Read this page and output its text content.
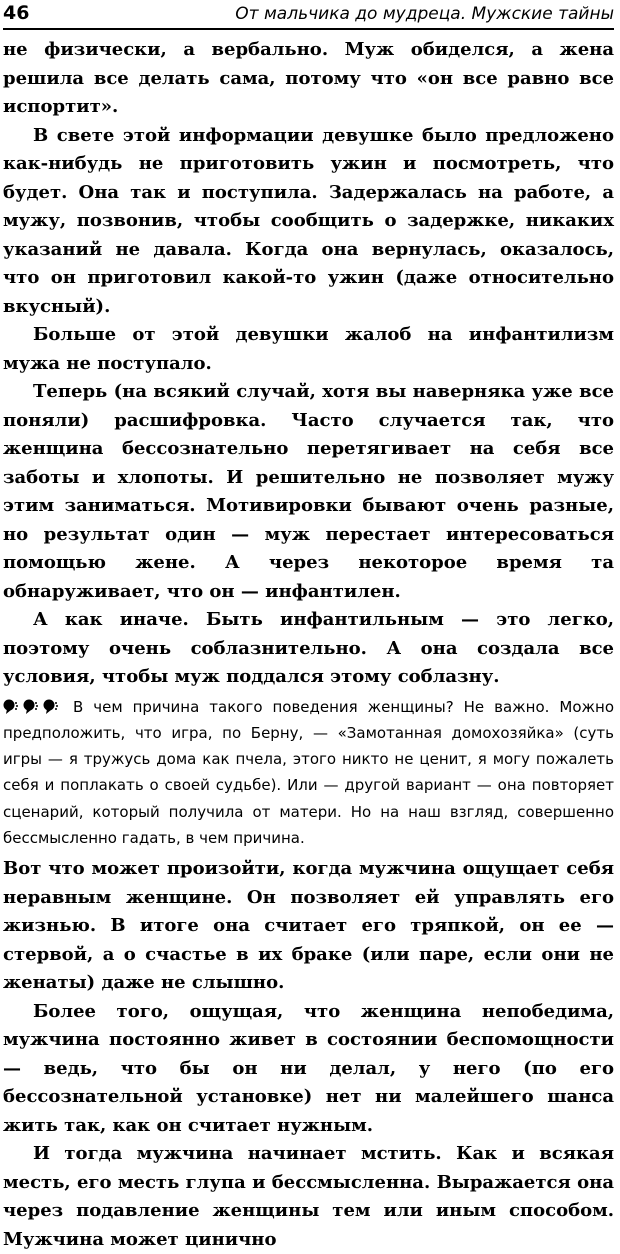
46	От мальчика до мудреца. Мужские тайны

не физически, а вербально. Муж обиделся, а жена решила все делать сама, потому что «он все равно все испортит».

В свете этой информации девушке было предложено как-нибудь не приготовить ужин и посмотреть, что будет. Она так и поступила. Задержалась на работе, а мужу, позвонив, чтобы сообщить о задержке, никаких указаний не давала. Когда она вернулась, оказалось, что он приготовил какой-то ужин (даже относительно вкусный).

Больше от этой девушки жалоб на инфантилизм мужа не поступало.

Теперь (на всякий случай, хотя вы наверняка уже все поняли) расшифровка. Часто случается так, что женщина бессознательно перетягивает на себя все заботы и хлопоты. И решительно не позволяет мужу этим заниматься. Мотивировки бывают очень разные, но результат один — муж перестает интересоваться помощью жене. А через некоторое время та обнаруживает, что он — инфантилен.

А как иначе. Быть инфантильным — это легко, поэтому очень соблазнительно. А она создала все условия, чтобы муж поддался этому соблазну.

В чем причина такого поведения женщины? Не важно. Можно предположить, что игра, по Берну, — «Замотанная домохозяйка» (суть игры — я тружусь дома как пчела, этого никто не ценит, я могу пожалеть себя и поплакать о своей судьбе). Или — другой вариант — она повторяет сценарий, который получила от матери. Но на наш взгляд, совершенно бессмысленно гадать, в чем причина.

Вот что может произойти, когда мужчина ощущает себя неравным женщине. Он позволяет ей управлять его жизнью. В итоге она считает его тряпкой, он ее — стервой, а о счастье в их браке (или паре, если они не женаты) даже не слышно.

Более того, ощущая, что женщина непобедима, мужчина постоянно живет в состоянии беспомощности — ведь, что бы он ни делал, у него (по его бессознательной установке) нет ни малейшего шанса жить так, как он считает нужным.

И тогда мужчина начинает мстить. Как и всякая месть, его месть глупа и бессмысленна. Выражается она через подавление женщины тем или иным способом. Мужчина может цинично
